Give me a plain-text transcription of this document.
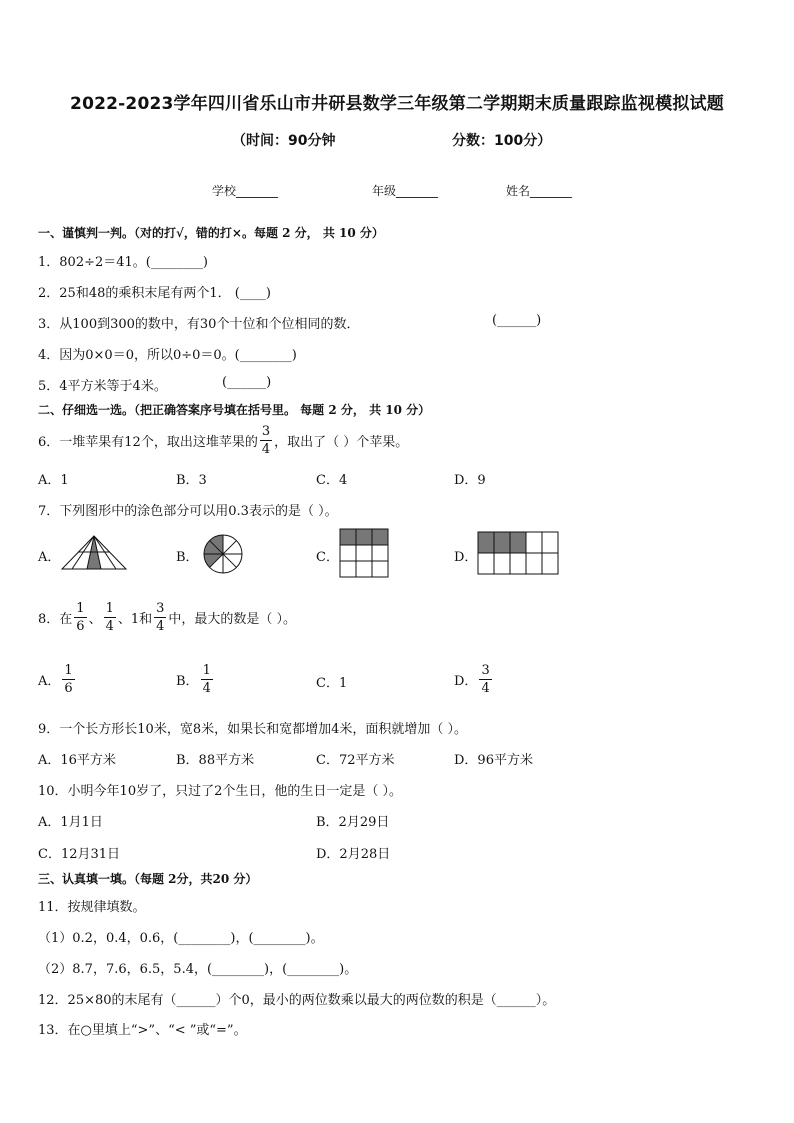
2022-2023学年四川省乐山市井研县数学三年级第二学期期末质量跟踪监视模拟试题
（时间：90分钟	分数：100分）
学校_______	年级_______	姓名_______
一、谨慎判一判。（对的打√，错的打×。每题 2 分， 共 10 分）
1．802÷2＝41。(________)
2．25和48的乘积末尾有两个1． (____)
3．从100到300的数中，有30个十位和个位相同的数．	(______)
4．因为0×0＝0，所以0÷0＝0。(________)
5．4平方米等于4米。	(______)
二、仔细选一选。（把正确答案序号填在括号里。 每题 2 分， 共 10 分）
6．一堆苹果有12个，取出这堆苹果的 $\frac{3}{4}$ ，取出了（ ）个苹果。
A．1	B．3	C．4	D．9
7．下列图形中的涂色部分可以用0.3表示的是（ ）。
A．	B．	C．	D．
8．在 $\frac{1}{6}$ 、 $\frac{1}{4}$ 、1和 $\frac{3}{4}$ 中，最大的数是（ ）。
A． $\frac{1}{6}$	B． $\frac{1}{4}$	C．1	D． $\frac{3}{4}$
9．一个长方形长10米，宽8米，如果长和宽都增加4米，面积就增加（ ）。
A．16平方米	B．88平方米	C．72平方米	D．96平方米
10．小明今年10岁了，只过了2个生日，他的生日一定是（ ）。
A．1月1日	B．2月29日
C．12月31日	D．2月28日
三、认真填一填。（每题 2分，共20 分）
11．按规律填数。
（1）0.2，0.4，0.6，(________)，(________)。
（2）8.7，7.6，6.5，5.4，(________)，(________)。
12．25×80的末尾有（______）个0，最小的两位数乘以最大的两位数的积是（______）。
13．在○里填上“>”、“< ”或“=”。
